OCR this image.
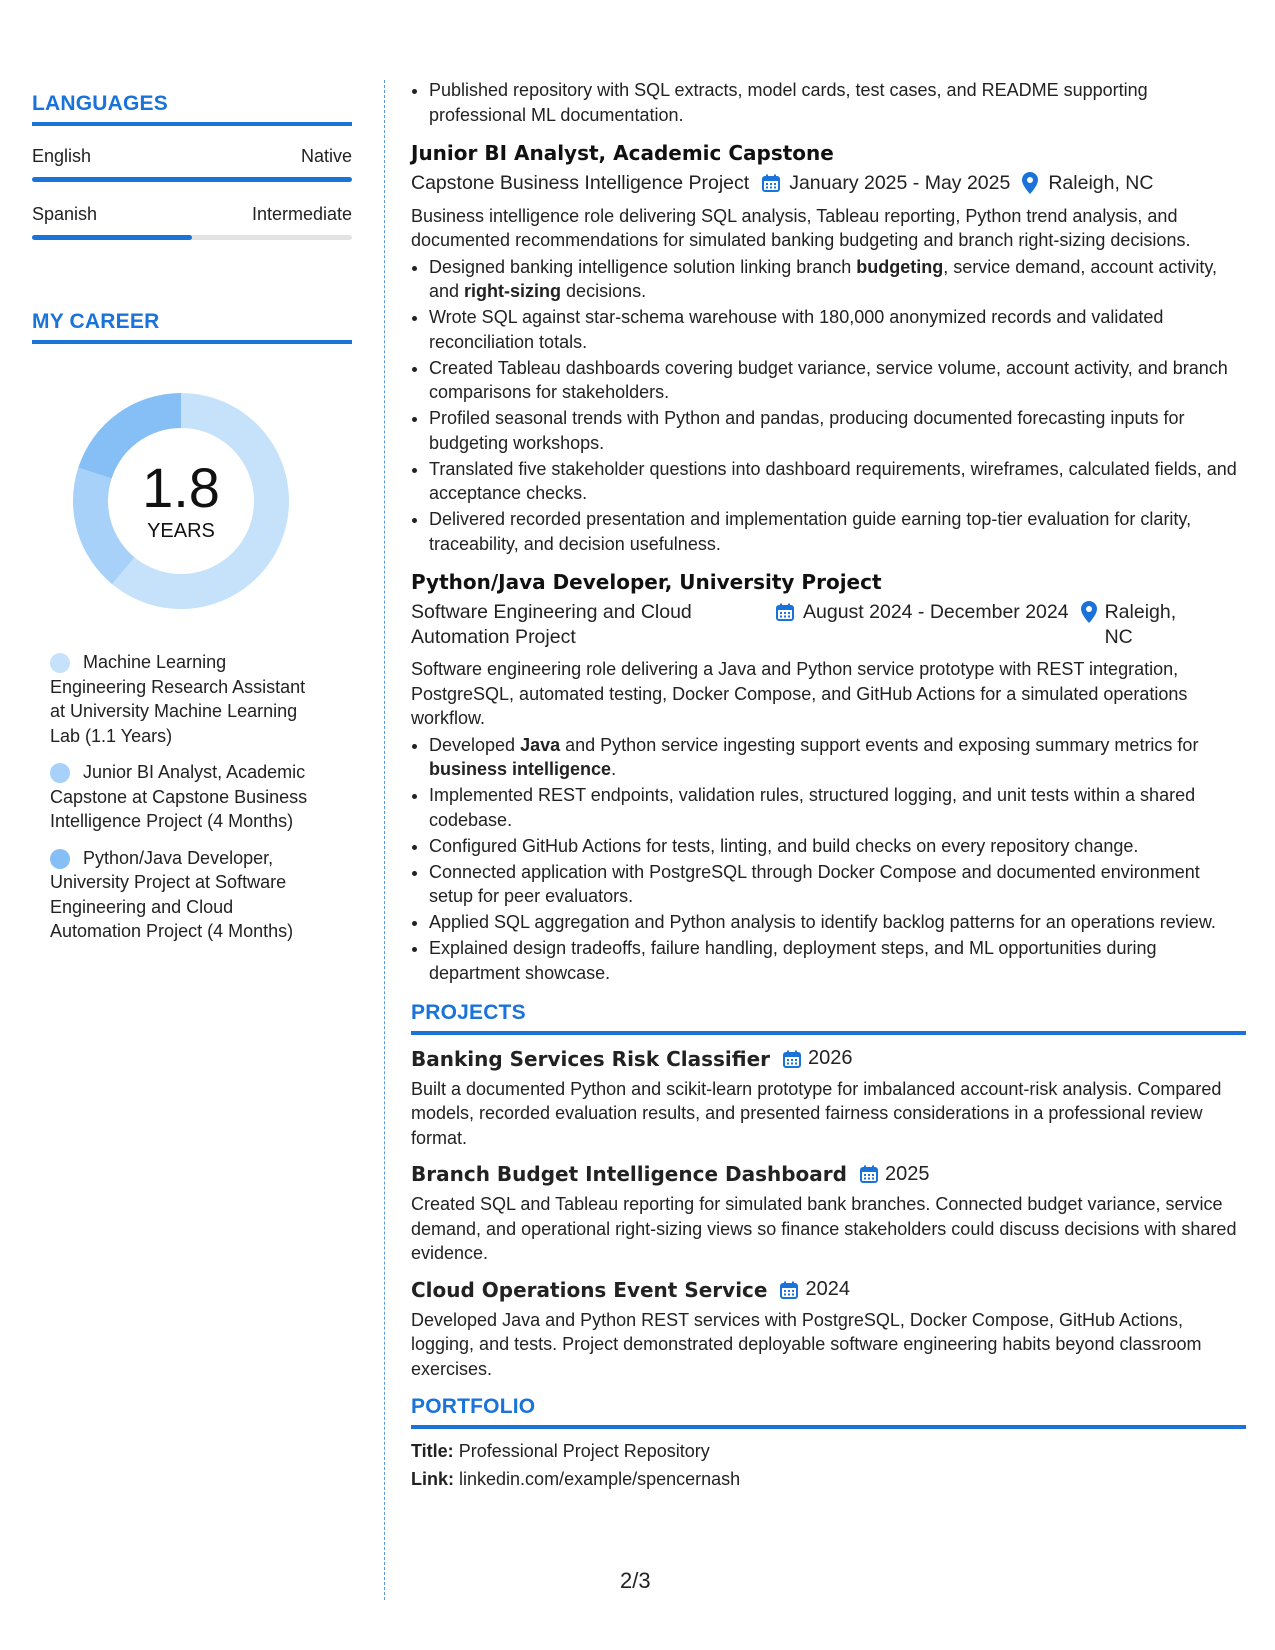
LANGUAGES
English	Native
Spanish	Intermediate
MY CAREER
1.8
YEARS
Machine Learning Engineering Research Assistant at University Machine Learning Lab (1.1 Years)
Junior BI Analyst, Academic Capstone at Capstone Business Intelligence Project (4 Months)
Python/Java Developer, University Project at Software Engineering and Cloud Automation Project (4 Months)
• Published repository with SQL extracts, model cards, test cases, and README supporting professional ML documentation.
Junior BI Analyst, Academic Capstone
Capstone Business Intelligence Project January 2025 - May 2025 Raleigh, NC
Business intelligence role delivering SQL analysis, Tableau reporting, Python trend analysis, and documented recommendations for simulated banking budgeting and branch right-sizing decisions.
• Designed banking intelligence solution linking branch budgeting, service demand, account activity, and right-sizing decisions.
• Wrote SQL against star-schema warehouse with 180,000 anonymized records and validated reconciliation totals.
• Created Tableau dashboards covering budget variance, service volume, account activity, and branch comparisons for stakeholders.
• Profiled seasonal trends with Python and pandas, producing documented forecasting inputs for budgeting workshops.
• Translated five stakeholder questions into dashboard requirements, wireframes, calculated fields, and acceptance checks.
• Delivered recorded presentation and implementation guide earning top-tier evaluation for clarity, traceability, and decision usefulness.
Python/Java Developer, University Project
Software Engineering and Cloud Automation Project
August 2024 - December 2024 Raleigh, NC
Software engineering role delivering a Java and Python service prototype with REST integration, PostgreSQL, automated testing, Docker Compose, and GitHub Actions for a simulated operations workflow.
• Developed Java and Python service ingesting support events and exposing summary metrics for business intelligence.
• Implemented REST endpoints, validation rules, structured logging, and unit tests within a shared codebase.
• Configured GitHub Actions for tests, linting, and build checks on every repository change.
• Connected application with PostgreSQL through Docker Compose and documented environment setup for peer evaluators.
• Applied SQL aggregation and Python analysis to identify backlog patterns for an operations review.
• Explained design tradeoffs, failure handling, deployment steps, and ML opportunities during department showcase.
PROJECTS
Banking Services Risk Classifier 2026
Built a documented Python and scikit-learn prototype for imbalanced account-risk analysis. Compared models, recorded evaluation results, and presented fairness considerations in a professional review format.
Branch Budget Intelligence Dashboard 2025
Created SQL and Tableau reporting for simulated bank branches. Connected budget variance, service demand, and operational right-sizing views so finance stakeholders could discuss decisions with shared evidence.
Cloud Operations Event Service 2024
Developed Java and Python REST services with PostgreSQL, Docker Compose, GitHub Actions, logging, and tests. Project demonstrated deployable software engineering habits beyond classroom exercises.
PORTFOLIO
Title: Professional Project Repository
Link: linkedin.com/example/spencernash
2/3
